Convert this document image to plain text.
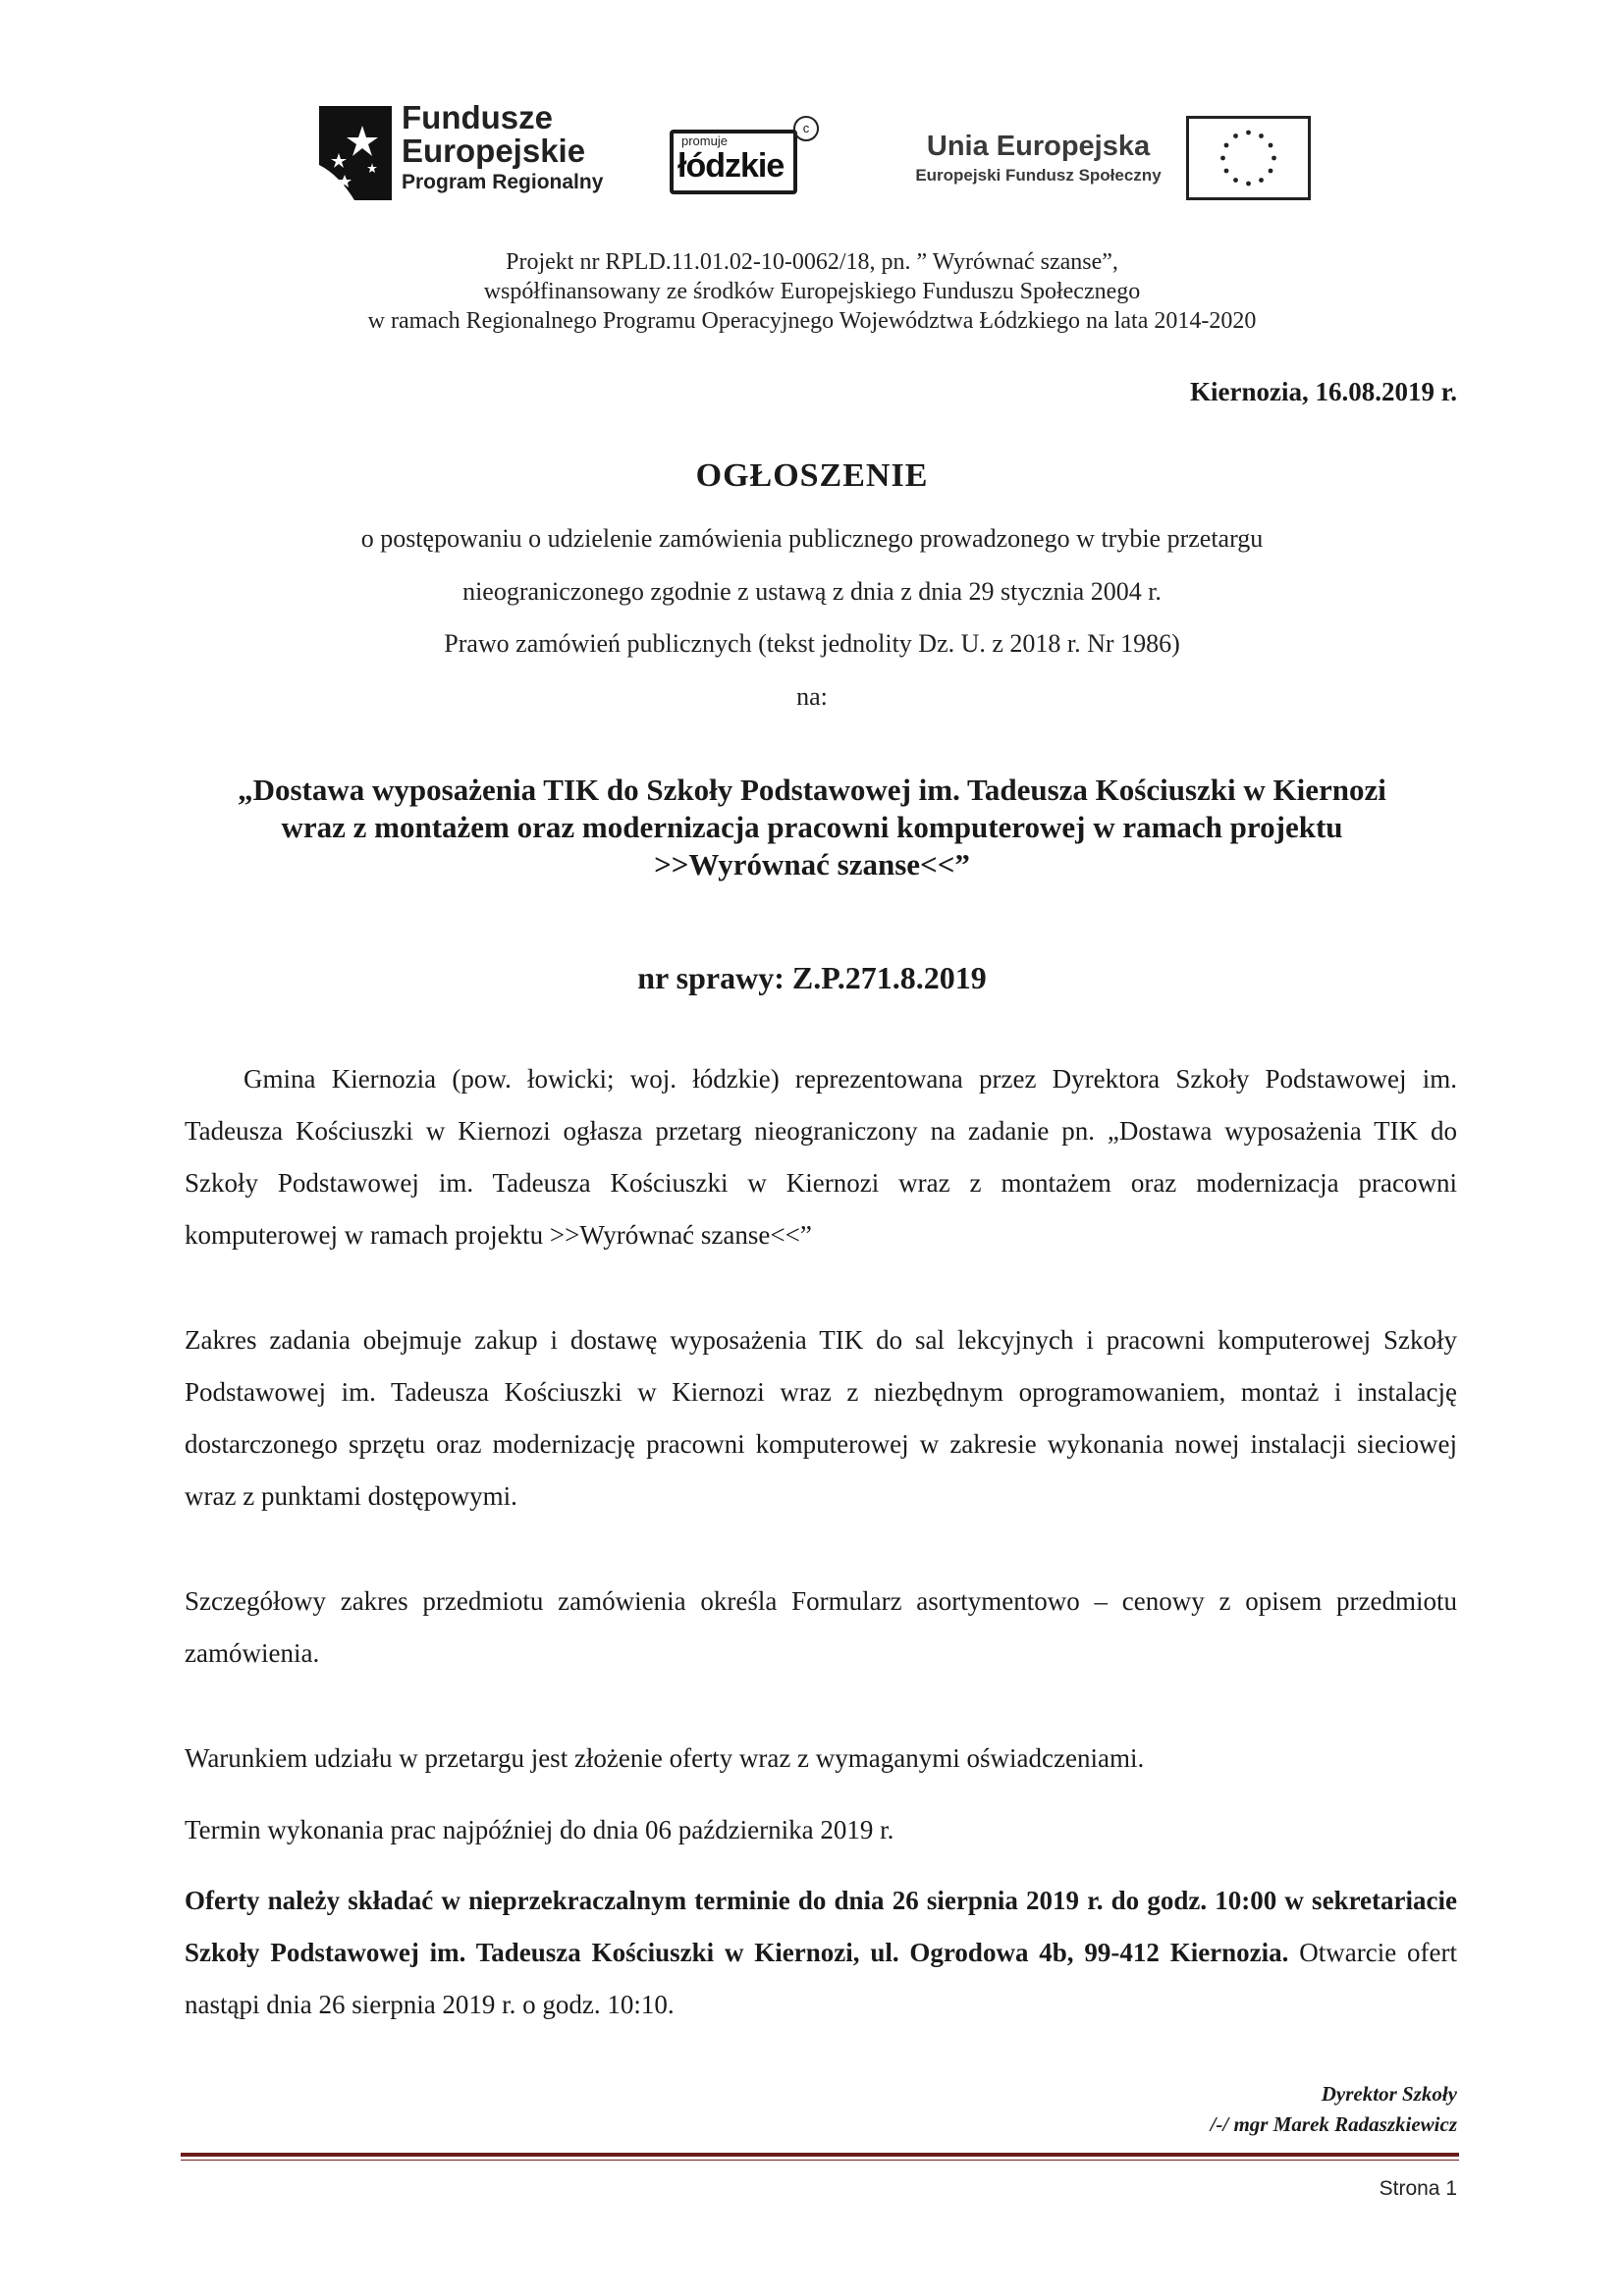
Fundusze
Europejskie
Program Regionalny
promuje
łódzkie
c
Unia Europejska
Europejski Fundusz Społeczny
Projekt nr RPLD.11.01.02-10-0062/18, pn. ” Wyrównać szanse”,
współfinansowany ze środków Europejskiego Funduszu Społecznego
w ramach Regionalnego Programu Operacyjnego Województwa Łódzkiego na lata 2014-2020
Kiernozia, 16.08.2019 r.
OGŁOSZENIE
o postępowaniu o udzielenie zamówienia publicznego prowadzonego w trybie przetargu
nieograniczonego zgodnie z ustawą z dnia z dnia 29 stycznia 2004 r.
Prawo zamówień publicznych (tekst jednolity Dz. U. z 2018 r. Nr 1986)
na:
„Dostawa wyposażenia TIK do Szkoły Podstawowej im. Tadeusza Kościuszki w Kiernozi
wraz z montażem oraz modernizacja pracowni komputerowej w ramach projektu
>>Wyrównać szanse<<”
nr sprawy: Z.P.271.8.2019

Gmina Kiernozia (pow. łowicki; woj. łódzkie) reprezentowana przez Dyrektora Szkoły Podstawowej im. Tadeusza Kościuszki w Kiernozi ogłasza przetarg nieograniczony na zadanie pn. „Dostawa wyposażenia TIK do Szkoły Podstawowej im. Tadeusza Kościuszki w Kiernozi wraz z montażem oraz modernizacja pracowni komputerowej w ramach projektu >>Wyrównać szanse<<”

Zakres zadania obejmuje zakup i dostawę wyposażenia TIK do sal lekcyjnych i pracowni komputerowej Szkoły Podstawowej im. Tadeusza Kościuszki w Kiernozi wraz z niezbędnym oprogramowaniem, montaż i instalację dostarczonego sprzętu oraz modernizację pracowni komputerowej w zakresie wykonania nowej instalacji sieciowej wraz z punktami dostępowymi.

Szczegółowy zakres przedmiotu zamówienia określa Formularz asortymentowo – cenowy z opisem przedmiotu zamówienia.

Warunkiem udziału w przetargu jest złożenie oferty wraz z wymaganymi oświadczeniami.

Termin wykonania prac najpóźniej do dnia 06 października 2019 r.

Oferty należy składać w nieprzekraczalnym terminie do dnia 26 sierpnia 2019 r. do godz. 10:00 w sekretariacie Szkoły Podstawowej im. Tadeusza Kościuszki w Kiernozi, ul. Ogrodowa 4b, 99-412 Kiernozia. Otwarcie ofert nastąpi dnia 26 sierpnia 2019 r. o godz. 10:10.

Dyrektor Szkoły
/-/ mgr Marek Radaszkiewicz
Strona 1
